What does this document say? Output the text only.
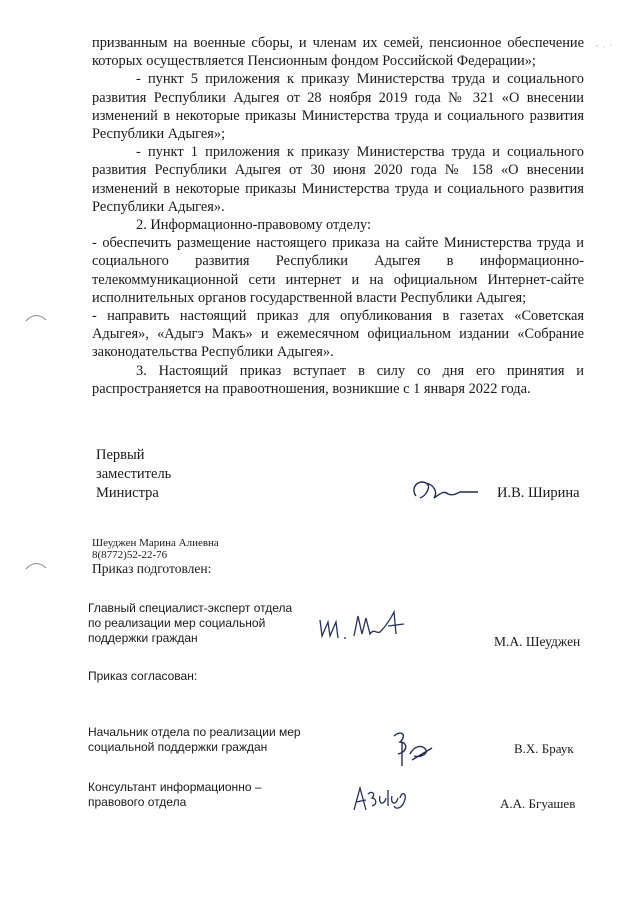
призванным на военные сборы, и членам их семей, пенсионное обеспечение которых осуществляется Пенсионным фондом Российской Федерации»;

- пункт 5 приложения к приказу Министерства труда и социального развития Республики Адыгея от 28 ноября 2019 года № 321 «О внесении изменений в некоторые приказы Министерства труда и социального развития Республики Адыгея»;

- пункт 1 приложения к приказу Министерства труда и социального развития Республики Адыгея от 30 июня 2020 года № 158 «О внесении изменений в некоторые приказы Министерства труда и социального развития Республики Адыгея».

2. Информационно-правовому отделу:

- обеспечить размещение настоящего приказа на сайте Министерства труда и социального развития Республики Адыгея в информационно-телекоммуникационной сети интернет и на официальном Интернет-сайте исполнительных органов государственной власти Республики Адыгея;

- направить настоящий приказ для опубликования в газетах «Советская Адыгея», «Адыгэ Макъ» и ежемесячном официальном издании «Собрание законодательства Республики Адыгея».

3. Настоящий приказ вступает в силу со дня его принятия и распространяется на правоотношения, возникшие с 1 января 2022 года.

Первый
заместитель
Министра	И.В. Ширина
Шеуджен Марина Алиевна
8(8772)52-22-76
Приказ подготовлен:
Главный специалист-эксперт отдела
по реализации мер социальной
поддержки граждан	М.А. Шеуджен
Приказ согласован:
Начальник отдела по реализации мер
социальной поддержки граждан	В.Х. Браук
Консультант информационно –
правового отдела	А.А. Бгуашев
